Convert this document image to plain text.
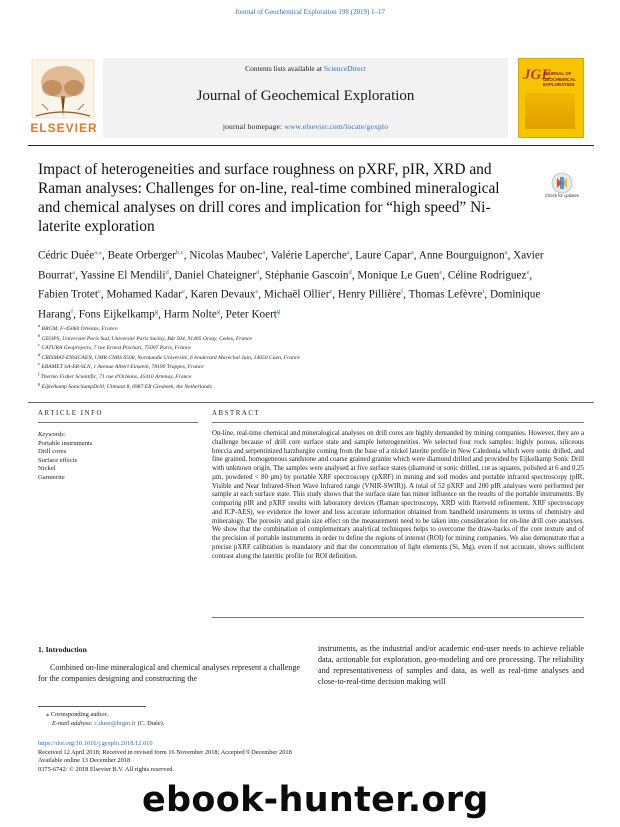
Journal of Geochemical Exploration 198 (2019) 1–17
Contents lists available at ScienceDirect
Journal of Geochemical Exploration
journal homepage: www.elsevier.com/locate/gexplo
ELSEVIER
JGE
JOURNAL OF
GEOCHEMICAL
EXPLORATION
Impact of heterogeneities and surface roughness on pXRF, pIR, XRD and Raman analyses: Challenges for on-line, real-time combined mineralogical and chemical analyses on drill cores and implication for “high speed” Ni-laterite exploration
Check for updates
Cédric Duée$^{a,⁎}$, Beate Orberger$^{b,c}$, Nicolas Maubec$^a$, Valérie Laperche$^a$, Laure Capar$^a$, Anne Bourguignon$^a$, Xavier Bourrat$^a$, Yassine El Mendili$^d$, Daniel Chateigner$^d$, Stéphanie Gascoin$^d$, Monique Le Guen$^e$, Céline Rodriguez$^e$, Fabien Trotet$^e$, Mohamed Kadar$^e$, Karen Devaux$^e$, Michaël Ollier$^e$, Henry Pillière$^f$, Thomas Lefèvre$^f$, Dominique Harang$^f$, Fons Eijkelkamp$^g$, Harm Nolte$^g$, Peter Koert$^g$
$^a$ BRGM, F-45060 Orléans, France
$^b$ GEOPS, Université Paris Sud, Université Paris Saclay, Bât 504, 91405 Orsay, Cedex, France
$^c$ CATURA Geoprojects, 7 rue Ernest Pischari, 75007 Paris, France
$^d$ CRISMAT-ENSICAEN, UMR CNRS 6508, Normandie Université, 6 boulevard Maréchal Juin, 14050 Caen, France
$^e$ ERAMET SA-ER-SLN, 1 Avenue Albert Einstein, 78190 Trappes, France
$^f$ Thermo Fisher Scientific, 71 rue d'Orléans, 45410 Artenay, France
$^g$ Eijkelkamp SonicSampDrill, Uitmaat 8, 6987 ER Giesbeek, the Netherlands
ARTICLE INFO
Keywords:
Portable instruments
Drill cores
Surface effects
Nickel
Garnierite
ABSTRACT
On-line, real-time chemical and mineralogical analyses on drill cores are highly demanded by mining companies. However, they are a challenge because of drill core surface state and sample heterogeneities. We selected four rock samples: highly porous, siliceous breccia and serpentinized harzburgite coming from the base of a nickel laterite profile in New Caledonia which were sonic drilled, and fine grained, homogeneous sandstone and coarse grained granite which were diamond drilled and provided by Eijkelkamp Sonic Drill with unknown origin. The samples were analysed at five surface states (diamond or sonic drilled, cut as squares, polished at 6 and 0.25 µm, powdered < 80 µm) by portable XRF spectroscopy (pXRF) in mining and soil modes and portable infrared spectroscopy (pIR, Visible and Near Infrared-Short Wave Infrared range (VNIR-SWIR)). A total of 52 pXRF and 200 pIR analyses were performed per sample at each surface state. This study shows that the surface state has minor influence on the results of the portable instruments. By comparing pIR and pXRF results with laboratory devices (Raman spectroscopy, XRD with Rietveld refinement, XRF spectroscopy and ICP-AES), we evidence the lower and less accurate information obtained from handheld instruments in terms of chemistry and mineralogy. The porosity and grain size effect on the measurement need to be taken into consideration for on-line drill core analyses. We show that the combination of complementary analytical techniques helps to overcome the draw-backs of the core texture and of the precision of portable instruments in order to define the regions of interest (ROI) for mining companies. We also demonstrate that a precise pXRF calibration is mandatory and that the concentration of light elements (Si, Mg), even if not accurate, shows sufficient contrast along the lateritic profile for ROI definition.
1. Introduction
Combined on-line mineralogical and chemical analyses represent a challenge for the companies designing and constructing the
instruments, as the industrial and/or academic end-user needs to achieve reliable data, actionable for exploration, geo-modeling and ore processing. The reliability and representativeness of samples and data, as well as real-time analyses and close-to-real-time decision making will
⁎ Corresponding author.
E-mail address: c.duee@brgm.fr (C. Duée).
https://doi.org/10.1016/j.gexplo.2018.12.010
Received 12 April 2018; Received in revised form 16 November 2018; Accepted 9 December 2018
Available online 13 December 2018
0375-6742/ © 2018 Elsevier B.V. All rights reserved.
ebook-hunter.org
